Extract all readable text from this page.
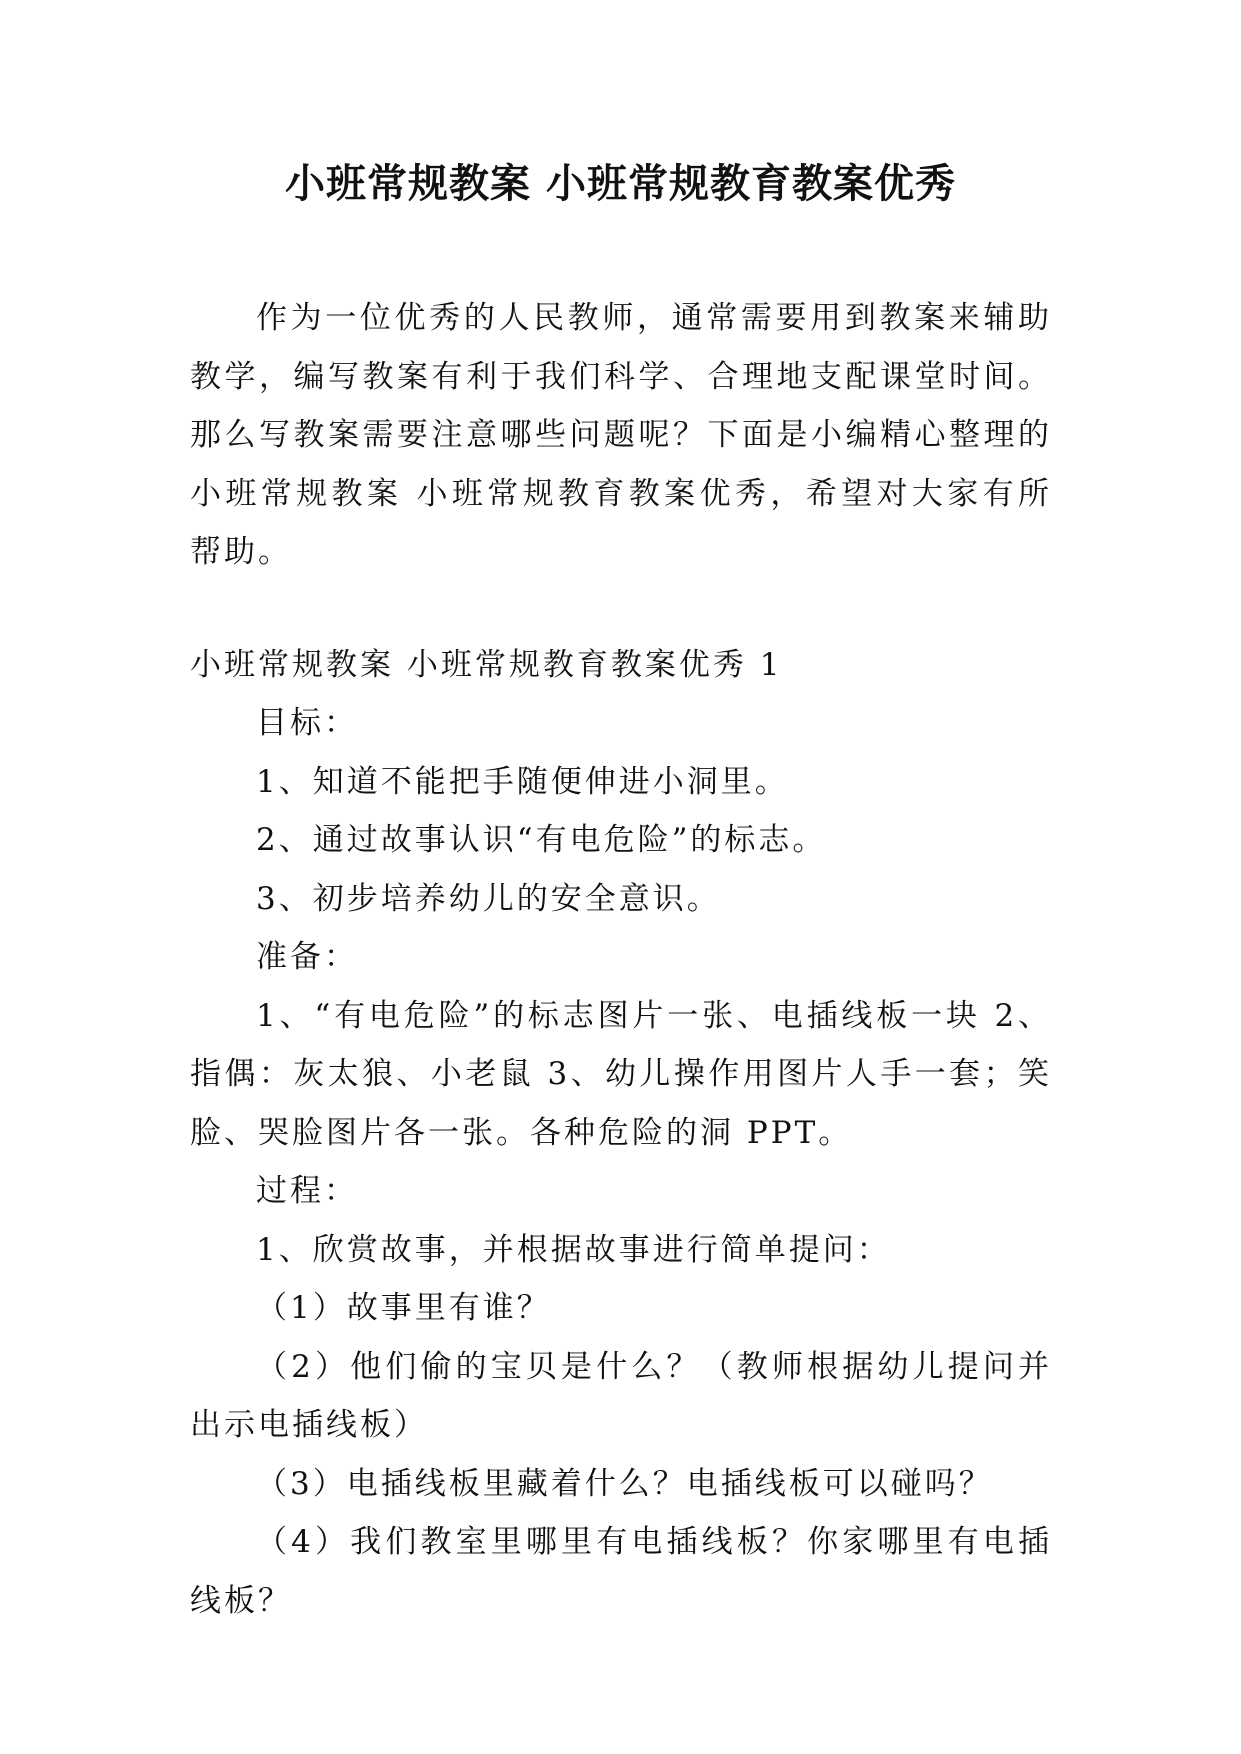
小班常规教案 小班常规教育教案优秀

作为一位优秀的人民教师，通常需要用到教案来辅助教学，编写教案有利于我们科学、合理地支配课堂时间。那么写教案需要注意哪些问题呢？下面是小编精心整理的小班常规教案 小班常规教育教案优秀，希望对大家有所帮助。

小班常规教案 小班常规教育教案优秀 1

目标：

1、知道不能把手随便伸进小洞里。

2、通过故事认识“有电危险”的标志。

3、初步培养幼儿的安全意识。

准备：

1、“有电危险”的标志图片一张、电插线板一块 2、指偶：灰太狼、小老鼠 3、幼儿操作用图片人手一套；笑脸、哭脸图片各一张。各种危险的洞 PPT。

过程：

1、欣赏故事，并根据故事进行简单提问：

（1）故事里有谁？

（2）他们偷的宝贝是什么？（教师根据幼儿提问并出示电插线板）

（3）电插线板里藏着什么？电插线板可以碰吗？

（4）我们教室里哪里有电插线板？你家哪里有电插线板？
